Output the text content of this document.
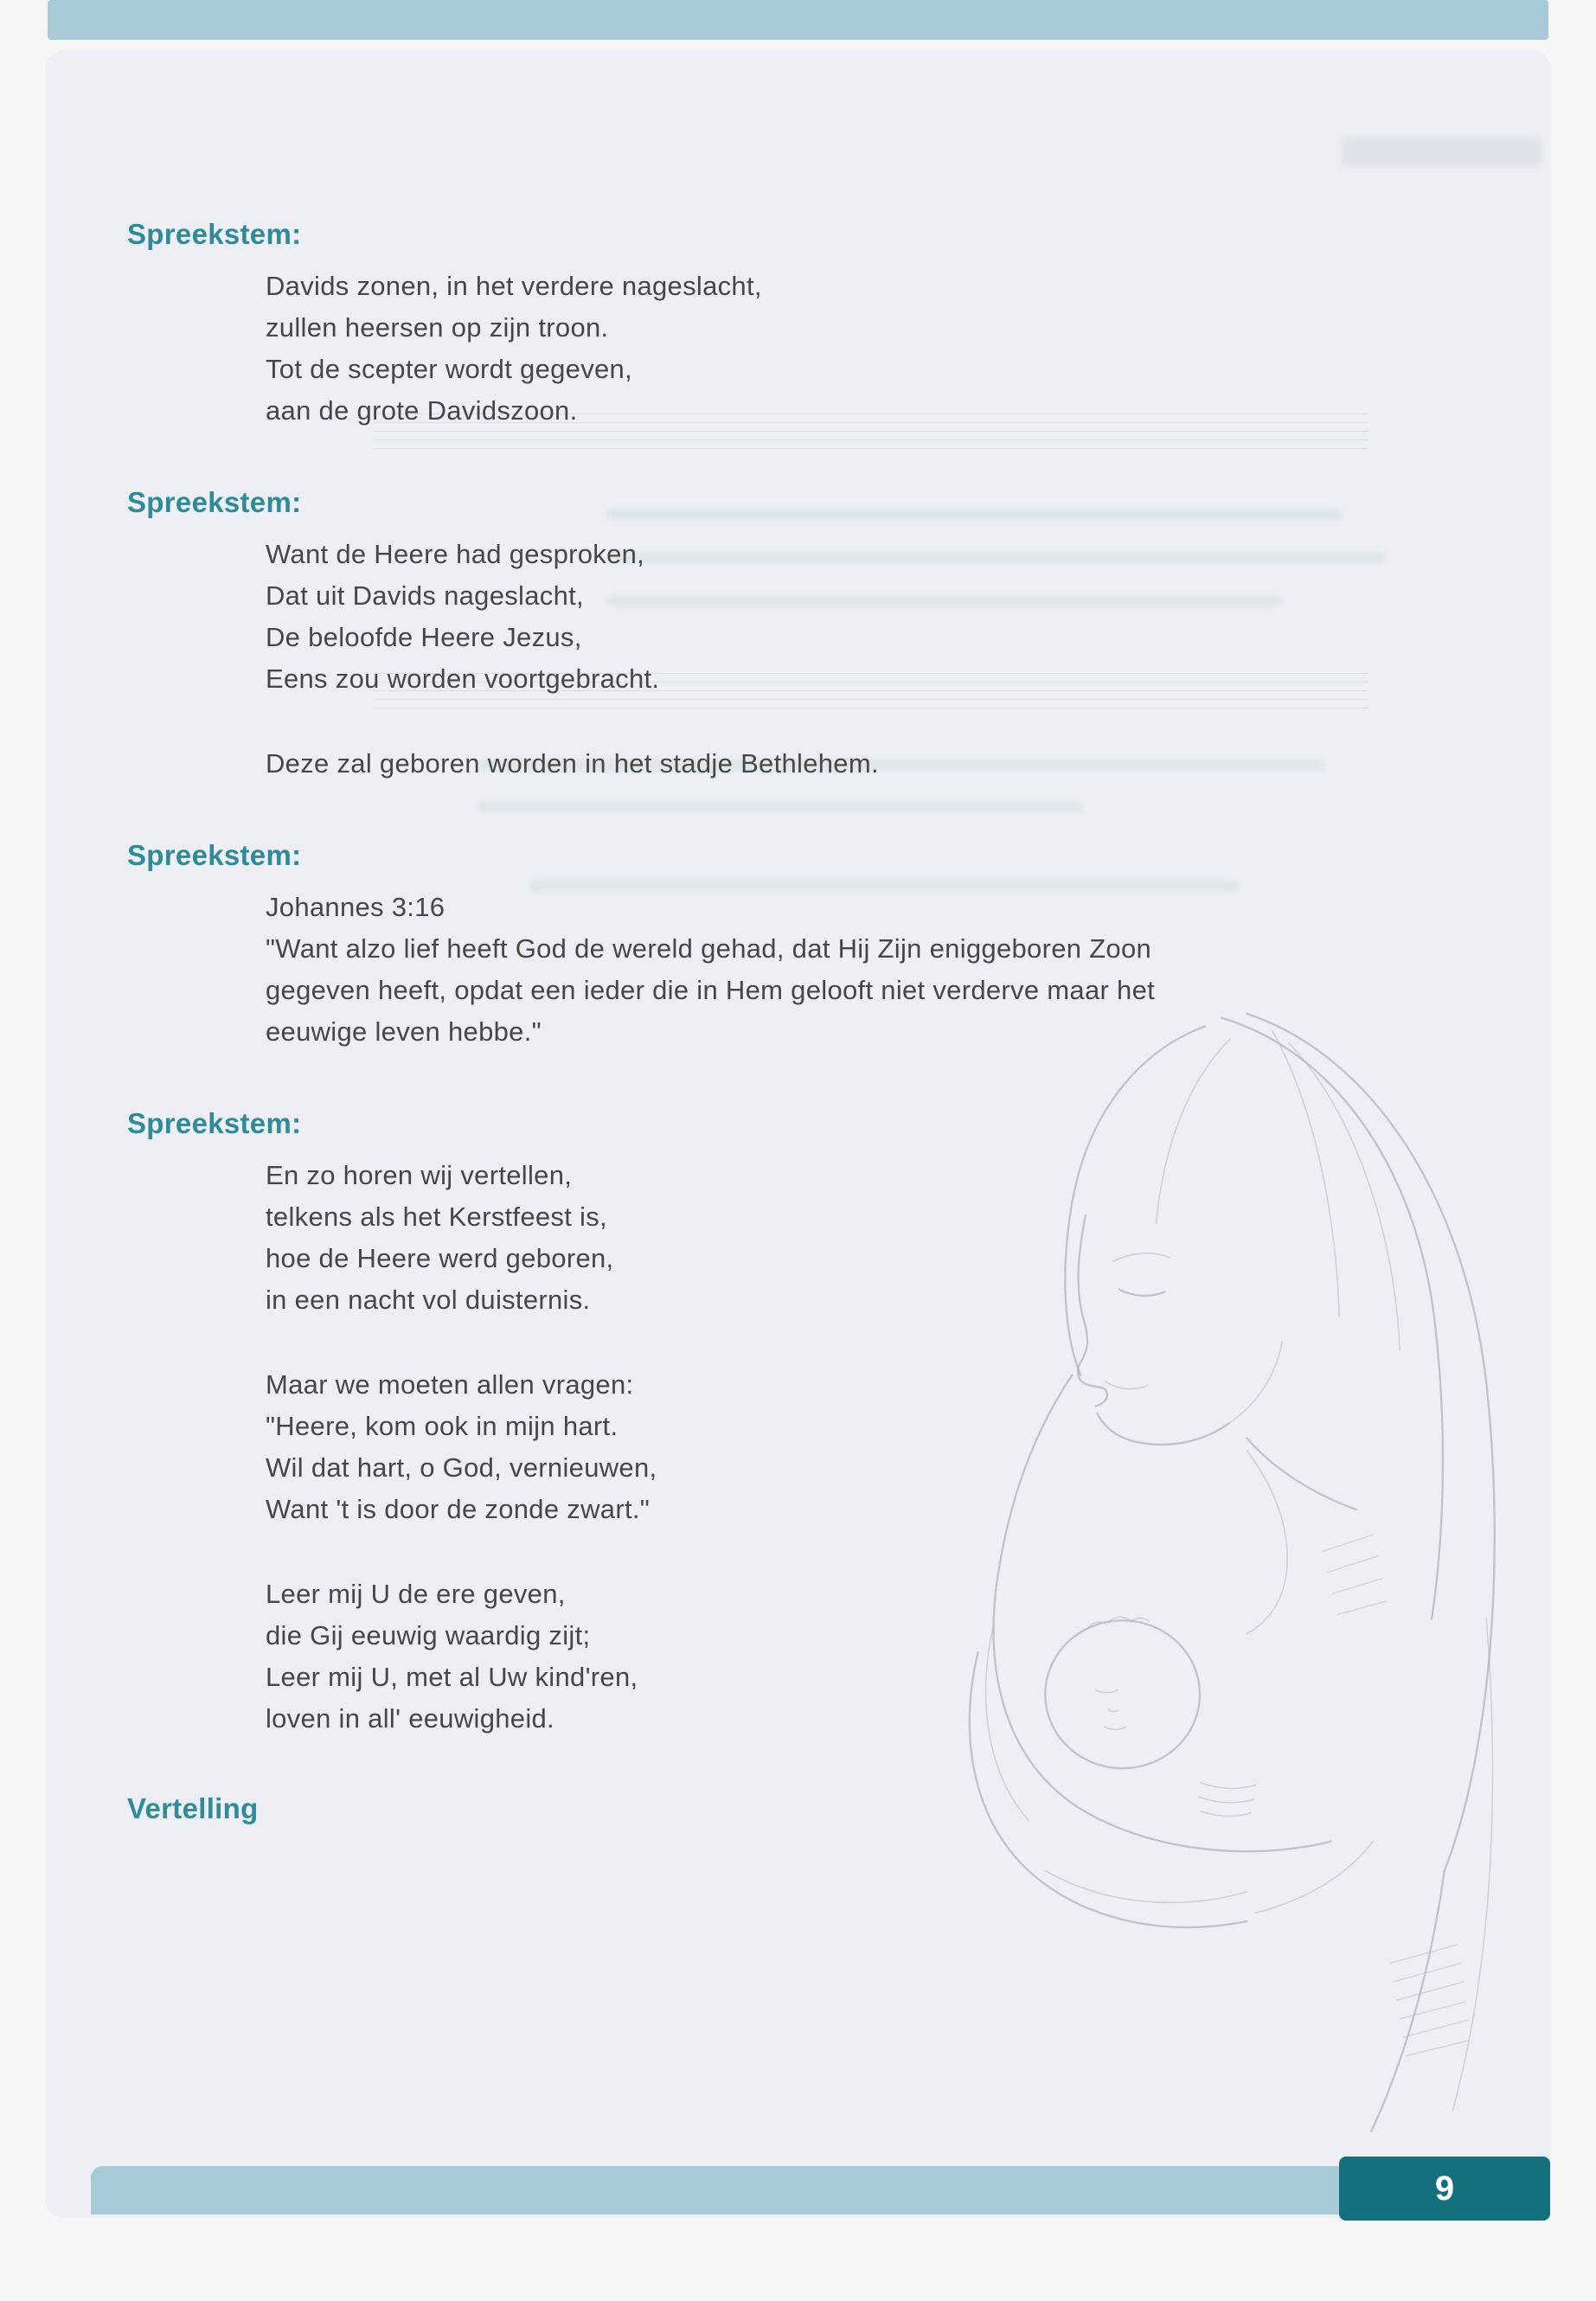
Spreekstem:
Davids zonen, in het verdere nageslacht,
zullen heersen op zijn troon.
Tot de scepter wordt gegeven,
aan de grote Davidszoon.
Spreekstem:
Want de Heere had gesproken,
Dat uit Davids nageslacht,
De beloofde Heere Jezus,
Eens zou worden voortgebracht.
Deze zal geboren worden in het stadje Bethlehem.
Spreekstem:
Johannes 3:16
"Want alzo lief heeft God de wereld gehad, dat Hij Zijn eniggeboren Zoon
gegeven heeft, opdat een ieder die in Hem gelooft niet verderve maar het
eeuwige leven hebbe."
Spreekstem:
En zo horen wij vertellen,
telkens als het Kerstfeest is,
hoe de Heere werd geboren,
in een nacht vol duisternis.
Maar we moeten allen vragen:
"Heere, kom ook in mijn hart.
Wil dat hart, o God, vernieuwen,
Want 't is door de zonde zwart."
Leer mij U de ere geven,
die Gij eeuwig waardig zijt;
Leer mij U, met al Uw kind'ren,
loven in all' eeuwigheid.
Vertelling
9
